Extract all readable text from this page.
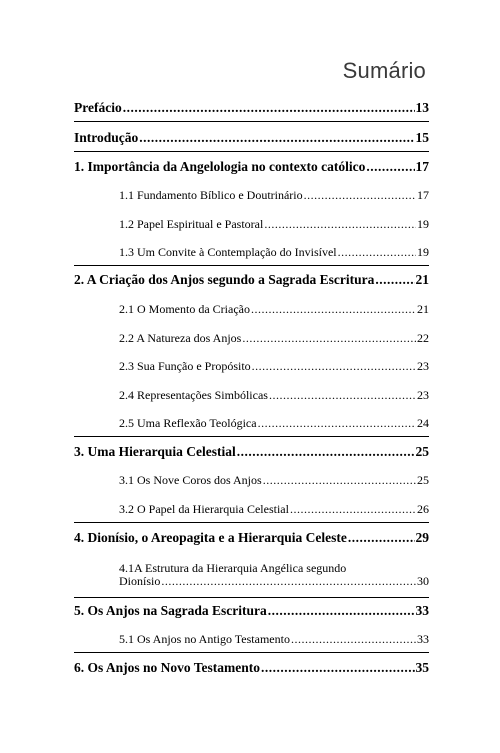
Sumário
Prefácio .....	13
Introdução .....	15
1. Importância da Angelologia no contexto católico .....	17
1.1 Fundamento Bíblico e Doutrinário .....	17
1.2 Papel Espiritual e Pastoral .....	19
1.3 Um Convite à Contemplação do Invisível .....	19
2. A Criação dos Anjos segundo a Sagrada Escritura .....	21
2.1 O Momento da Criação .....	21
2.2 A Natureza dos Anjos .....	22
2.3 Sua Função e Propósito .....	23
2.4 Representações Simbólicas .....	23
2.5 Uma Reflexão Teológica .....	24
3. Uma Hierarquia Celestial .....	25
3.1 Os Nove Coros dos Anjos .....	25
3.2 O Papel da Hierarquia Celestial .....	26
4. Dionísio, o Areopagita e a Hierarquia Celeste .....	29
4.1A Estrutura da Hierarquia Angélica segundo
Dionísio .....	30
5. Os Anjos na Sagrada Escritura .....	33
5.1 Os Anjos no Antigo Testamento .....	33
6. Os Anjos no Novo Testamento .....	35
